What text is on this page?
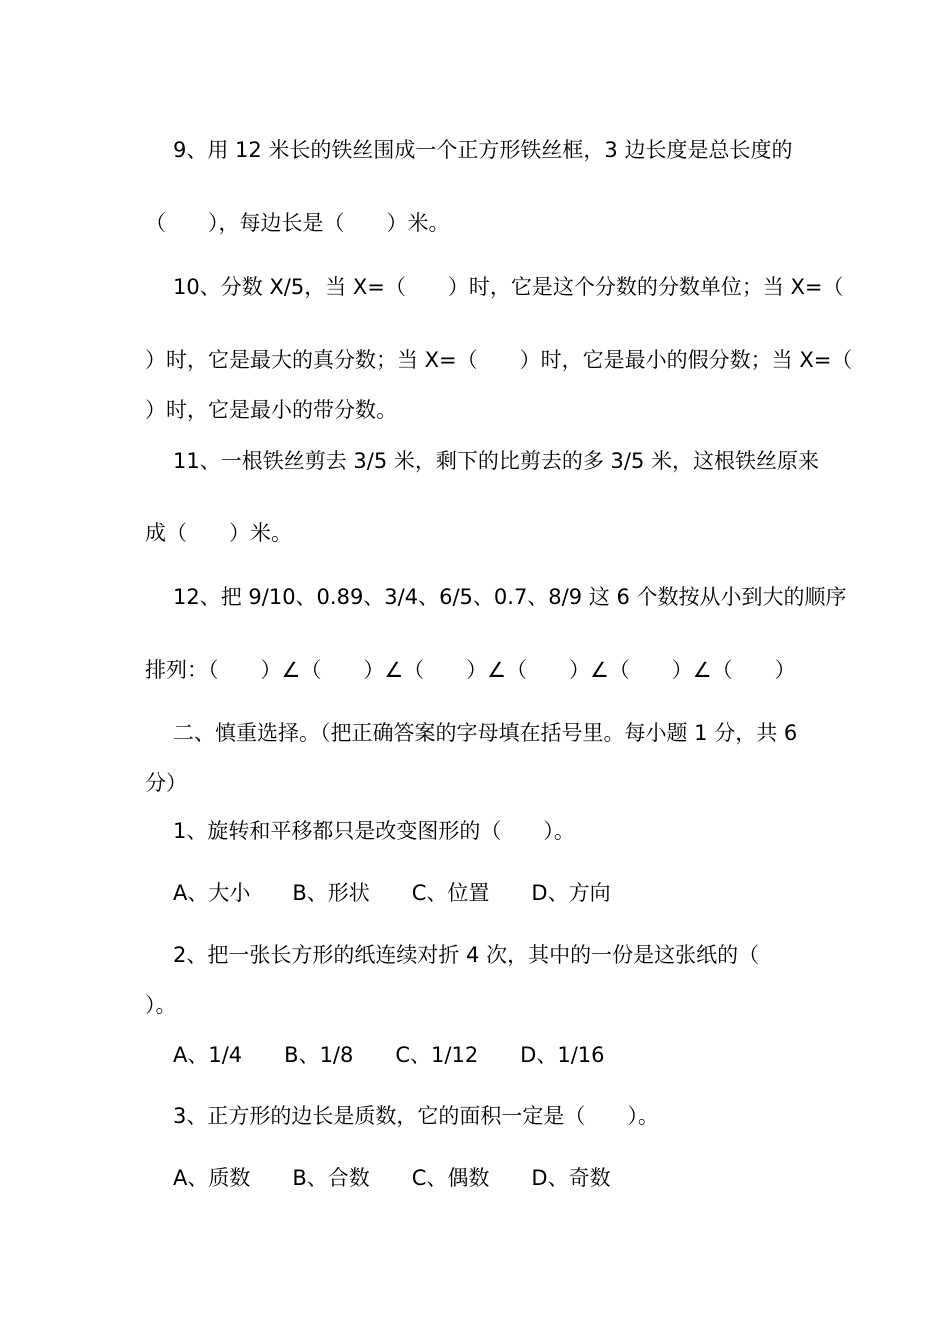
9、用 12 米长的铁丝围成一个正方形铁丝框，3 边长度是总长度的

（　　），每边长是（　　）米。

10、分数 X/5，当 X=（　　）时，它是这个分数的分数单位；当 X=（

）时，它是最大的真分数；当 X=（　　）时，它是最小的假分数；当 X=（

）时，它是最小的带分数。

11、一根铁丝剪去 3/5 米，剩下的比剪去的多 3/5 米，这根铁丝原来

成（　　）米。

12、把 9/10、0.89、3/4、6/5、0.7、8/9 这 6 个数按从小到大的顺序

排列：（　　）∠（　　）∠（　　）∠（　　）∠（　　）∠（　　）

二、慎重选择。（把正确答案的字母填在括号里。每小题 1 分，共 6

分）

1、旋转和平移都只是改变图形的（　　）。

A、大小　　B、形状　　C、位置　　D、方向

2、把一张长方形的纸连续对折 4 次，其中的一份是这张纸的（

）。

A、1/4　　B、1/8　　C、1/12　　D、1/16

3、正方形的边长是质数，它的面积一定是（　　）。

A、质数　　B、合数　　C、偶数　　D、奇数
